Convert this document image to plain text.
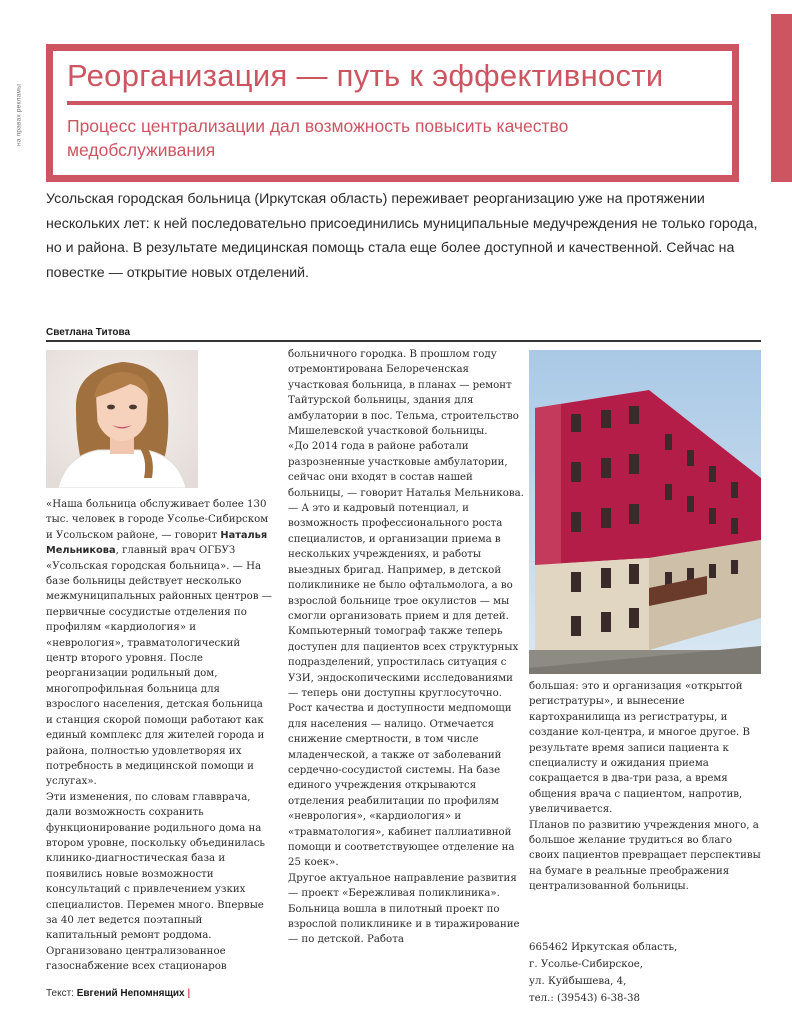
на правах рекламы
Реорганизация — путь к эффективности
Процесс централизации дал возможность повысить качество медобслуживания
Усольская городская больница (Иркутская область) переживает реорганизацию уже на протяжении нескольких лет: к ней последовательно присоединились муниципальные медучреждения не только города, но и района. В результате медицинская помощь стала еще более доступной и качественной. Сейчас на повестке — открытие новых отделений.
Светлана Титова

«Наша больница обслуживает более 130 тыс. человек в городе Усолье-Сибирском и Усольском районе, — говорит Наталья Мельникова, главный врач ОГБУЗ «Усольская городская больница». — На базе больницы действует несколько межмуниципальных районных центров — первичные сосудистые отделения по профилям «кардиология» и «неврология», травматологический центр второго уровня. После реорганизации родильный дом, многопрофильная больница для взрослого населения, детская больница и станция скорой помощи работают как единый комплекс для жителей города и района, полностью удовлетворяя их потребность в медицинской помощи и услугах».

Эти изменения, по словам главврача, дали возможность сохранить функционирование родильного дома на втором уровне, поскольку объединилась клинико-диагностическая база и появились новые возможности консультаций с привлечением узких специалистов. Перемен много. Впервые за 40 лет ведется поэтапный капитальный ремонт роддома. Организовано централизованное газоснабжение всех стационаров

больничного городка. В прошлом году отремонтирована Белореченская участковая больница, в планах — ремонт Тайтурской больницы, здания для амбулатории в пос. Тельма, строительство Мишелевской участковой больницы.

«До 2014 года в районе работали разрозненные участковые амбулатории, сейчас они входят в состав нашей больницы, — говорит Наталья Мельникова. — А это и кадровый потенциал, и возможность профессионального роста специалистов, и организации приема в нескольких учреждениях, и работы выездных бригад. Например, в детской поликлинике не было офтальмолога, а во взрослой больнице трое окулистов — мы смогли организовать прием и для детей. Компьютерный томограф также теперь доступен для пациентов всех структурных подразделений, упростилась ситуация с УЗИ, эндоскопическими исследованиями — теперь они доступны круглосуточно.

Рост качества и доступности медпомощи для населения — налицо. Отмечается снижение смертности, в том числе младенческой, а также от заболеваний сердечно-сосудистой системы. На базе единого учреждения открываются отделения реабилитации по профилям «неврология», «кардиология» и «травматология», кабинет паллиативной помощи и соответствующее отделение на 25 коек».

Другое актуальное направление развития — проект «Бережливая поликлиника». Больница вошла в пилотный проект по взрослой поликлинике и в тиражирование — по детской. Работа

большая: это и организация «открытой регистратуры», и вынесение картохранилища из регистратуры, и создание кол-центра, и многое другое. В результате время записи пациента к специалисту и ожидания приема сокращается в два-три раза, а время общения врача с пациентом, напротив, увеличивается.

Планов по развитию учреждения много, а большое желание трудиться во благо своих пациентов превращает перспективы на бумаге в реальные преображения централизованной больницы.

665462 Иркутская область,
г. Усолье-Сибирское,
ул. Куйбышева, 4,
тел.: (39543) 6-38-38
Текст: Евгений Непомнящих |
